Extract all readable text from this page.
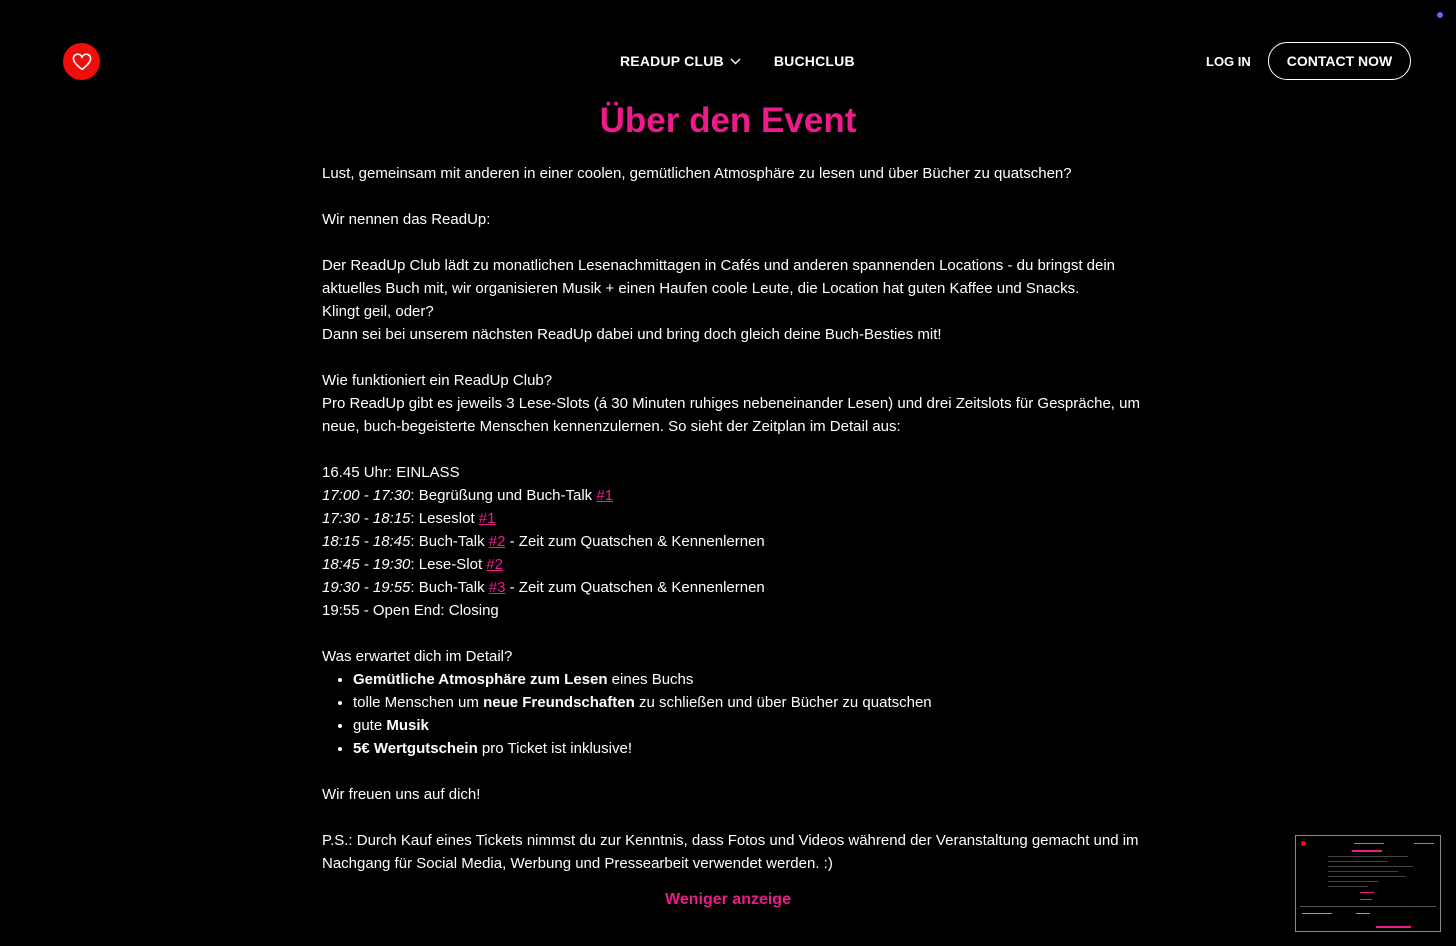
READUP CLUB	BUCHCLUB	LOG IN	CONTACT NOW
Über den Event

Lust, gemeinsam mit anderen in einer coolen, gemütlichen Atmosphäre zu lesen und über Bücher zu quatschen?

Wir nennen das ReadUp:

Der ReadUp Club lädt zu monatlichen Lesenachmittagen in Cafés und anderen spannenden Locations - du bringst dein aktuelles Buch mit, wir organisieren Musik + einen Haufen coole Leute, die Location hat guten Kaffee und Snacks.

Klingt geil, oder?

Dann sei bei unserem nächsten ReadUp dabei und bring doch gleich deine Buch-Besties mit!

Wie funktioniert ein ReadUp Club?

Pro ReadUp gibt es jeweils 3 Lese-Slots (á 30 Minuten ruhiges nebeneinander Lesen) und drei Zeitslots für Gespräche, um neue, buch-begeisterte Menschen kennenzulernen. So sieht der Zeitplan im Detail aus:

16.45 Uhr: EINLASS

17:00 - 17:30: Begrüßung und Buch-Talk #1

17:30 - 18:15: Leseslot #1

18:15 - 18:45: Buch-Talk #2 - Zeit zum Quatschen & Kennenlernen

18:45 - 19:30: Lese-Slot #2

19:30 - 19:55: Buch-Talk #3 - Zeit zum Quatschen & Kennenlernen

19:55 - Open End: Closing

Was erwartet dich im Detail?

• Gemütliche Atmosphäre zum Lesen eines Buchs
• tolle Menschen um neue Freundschaften zu schließen und über Bücher zu quatschen
• gute Musik
• 5€ Wertgutschein pro Ticket ist inklusive!

Wir freuen uns auf dich!

P.S.: Durch Kauf eines Tickets nimmst du zur Kenntnis, dass Fotos und Videos während der Veranstaltung gemacht und im Nachgang für Social Media, Werbung und Pressearbeit verwendet werden. :)

Weniger anzeige
